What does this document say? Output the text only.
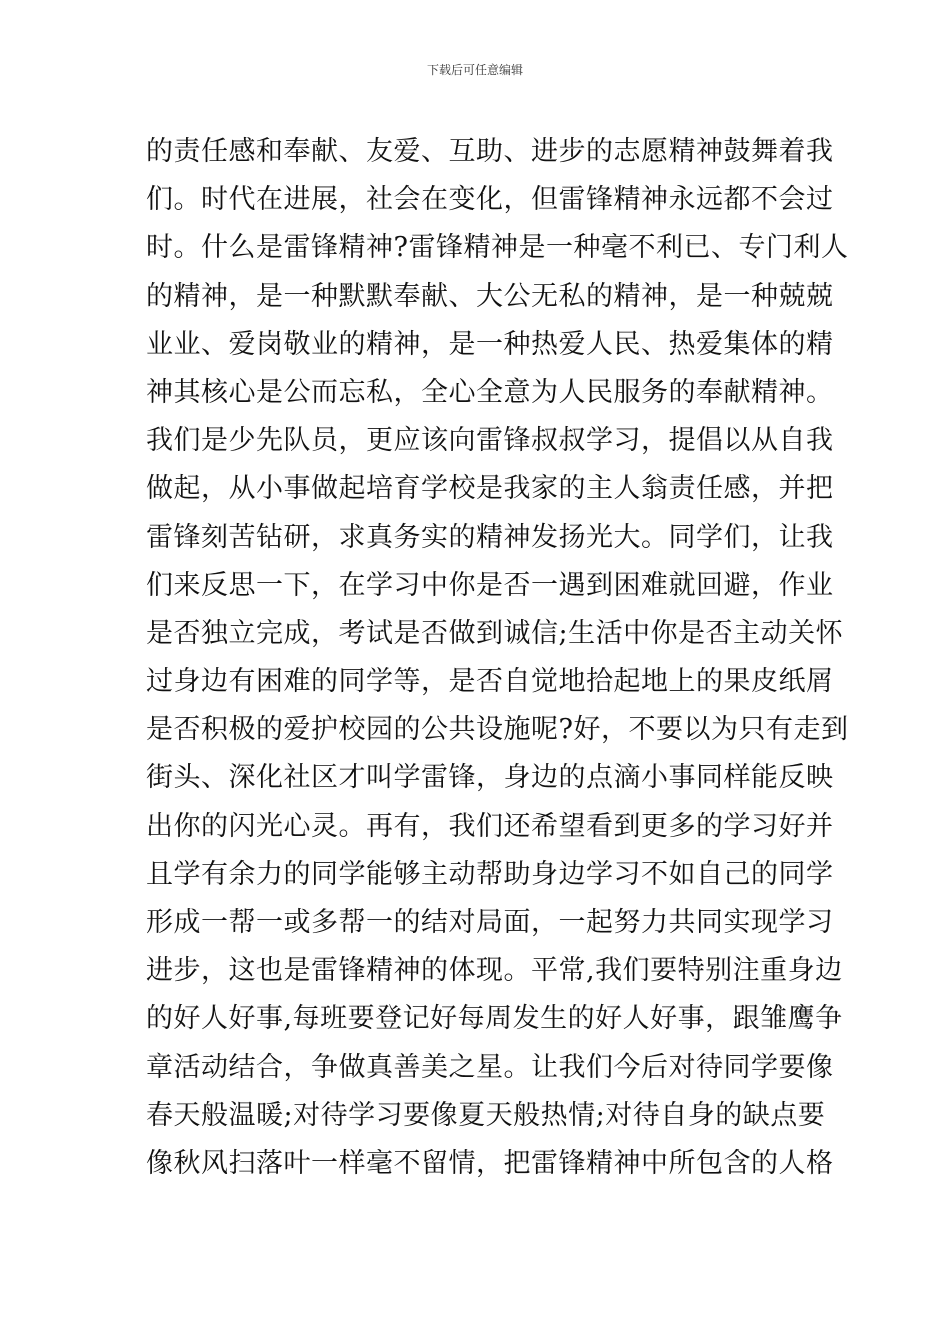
下载后可任意编辑
的责任感和奉献、友爱、互助、进步的志愿精神鼓舞着我
们。时代在进展，社会在变化，但雷锋精神永远都不会过
时。什么是雷锋精神?雷锋精神是一种毫不利已、专门利人
的精神，是一种默默奉献、大公无私的精神，是一种兢兢
业业、爱岗敬业的精神，是一种热爱人民、热爱集体的精
神其核心是公而忘私，全心全意为人民服务的奉献精神。
我们是少先队员，更应该向雷锋叔叔学习，提倡以从自我
做起，从小事做起培育学校是我家的主人翁责任感，并把
雷锋刻苦钻研，求真务实的精神发扬光大。同学们，让我
们来反思一下，在学习中你是否一遇到困难就回避，作业
是否独立完成，考试是否做到诚信;生活中你是否主动关怀
过身边有困难的同学等，是否自觉地拾起地上的果皮纸屑
是否积极的爱护校园的公共设施呢?好，不要以为只有走到
街头、深化社区才叫学雷锋，身边的点滴小事同样能反映
出你的闪光心灵。再有，我们还希望看到更多的学习好并
且学有余力的同学能够主动帮助身边学习不如自己的同学
形成一帮一或多帮一的结对局面，一起努力共同实现学习
进步，这也是雷锋精神的体现。平常,我们要特别注重身边
的好人好事,每班要登记好每周发生的好人好事，跟雏鹰争
章活动结合，争做真善美之星。让我们今后对待同学要像
春天般温暖;对待学习要像夏天般热情;对待自身的缺点要
像秋风扫落叶一样毫不留情，把雷锋精神中所包含的人格
